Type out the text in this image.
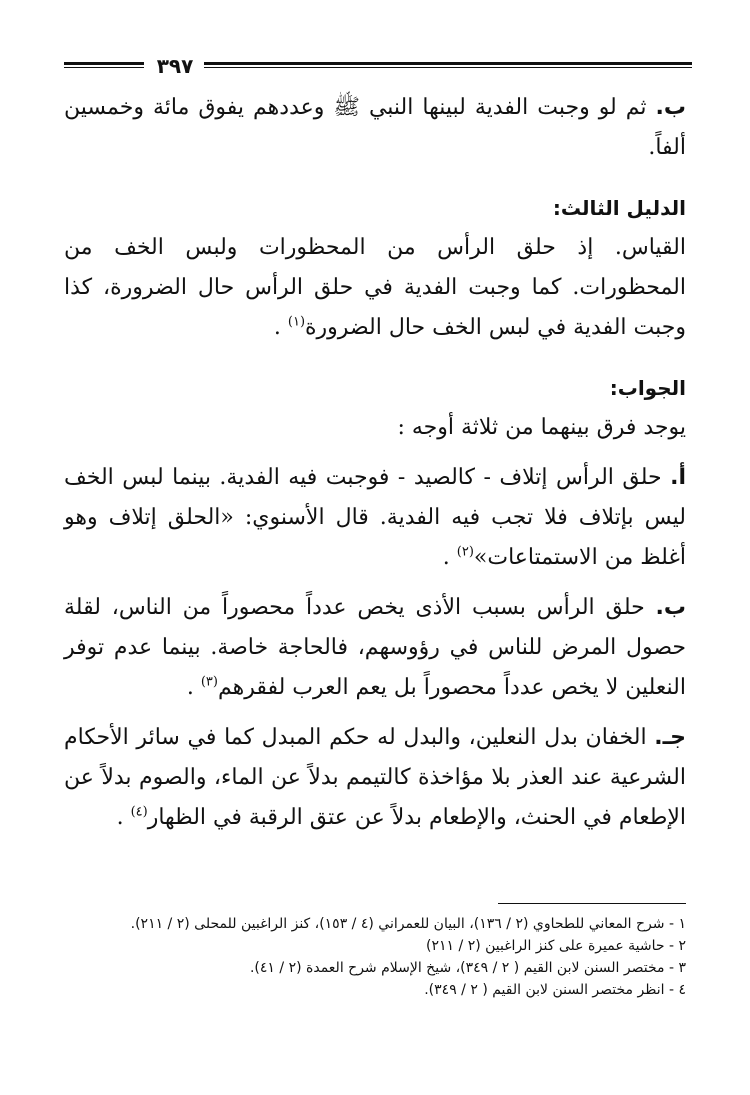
٣٩٧

ب. ثم لو وجبت الفدية لبينها النبي ﷺ وعددهم يفوق مائة وخمسين ألفاً.

الدليل الثالث:

القياس. إذ حلق الرأس من المحظورات ولبس الخف من المحظورات. كما وجبت الفدية في حلق الرأس حال الضرورة، كذا وجبت الفدية في لبس الخف حال الضرورة$^{(١)}$ .

الجواب:

يوجد فرق بينهما من ثلاثة أوجه :

أ. حلق الرأس إتلاف - كالصيد - فوجبت فيه الفدية. بينما لبس الخف ليس بإتلاف فلا تجب فيه الفدية. قال الأسنوي: «الحلق إتلاف وهو أغلظ من الاستمتاعات»$^{(٢)}$ .

ب. حلق الرأس بسبب الأذى يخص عدداً محصوراً من الناس، لقلة حصول المرض للناس في رؤوسهم، فالحاجة خاصة. بينما عدم توفر النعلين لا يخص عدداً محصوراً بل يعم العرب لفقرهم$^{(٣)}$ .

جـ. الخفان بدل النعلين، والبدل له حكم المبدل كما في سائر الأحكام الشرعية عند العذر بلا مؤاخذة كالتيمم بدلاً عن الماء، والصوم بدلاً عن الإطعام في الحنث، والإطعام بدلاً عن عتق الرقبة في الظهار$^{(٤)}$ .

١ - شرح المعاني للطحاوي (٢ / ١٣٦)، البيان للعمراني (٤ / ١٥٣)، كنز الراغبين للمحلى (٢ / ٢١١).

٢ - حاشية عميرة على كنز الراغبين (٢ / ٢١١)

٣ - مختصر السنن لابن القيم ( ٢ / ٣٤٩)، شيخ الإسلام شرح العمدة (٢ / ٤١).

٤ - انظر مختصر السنن لابن القيم ( ٢ / ٣٤٩).
